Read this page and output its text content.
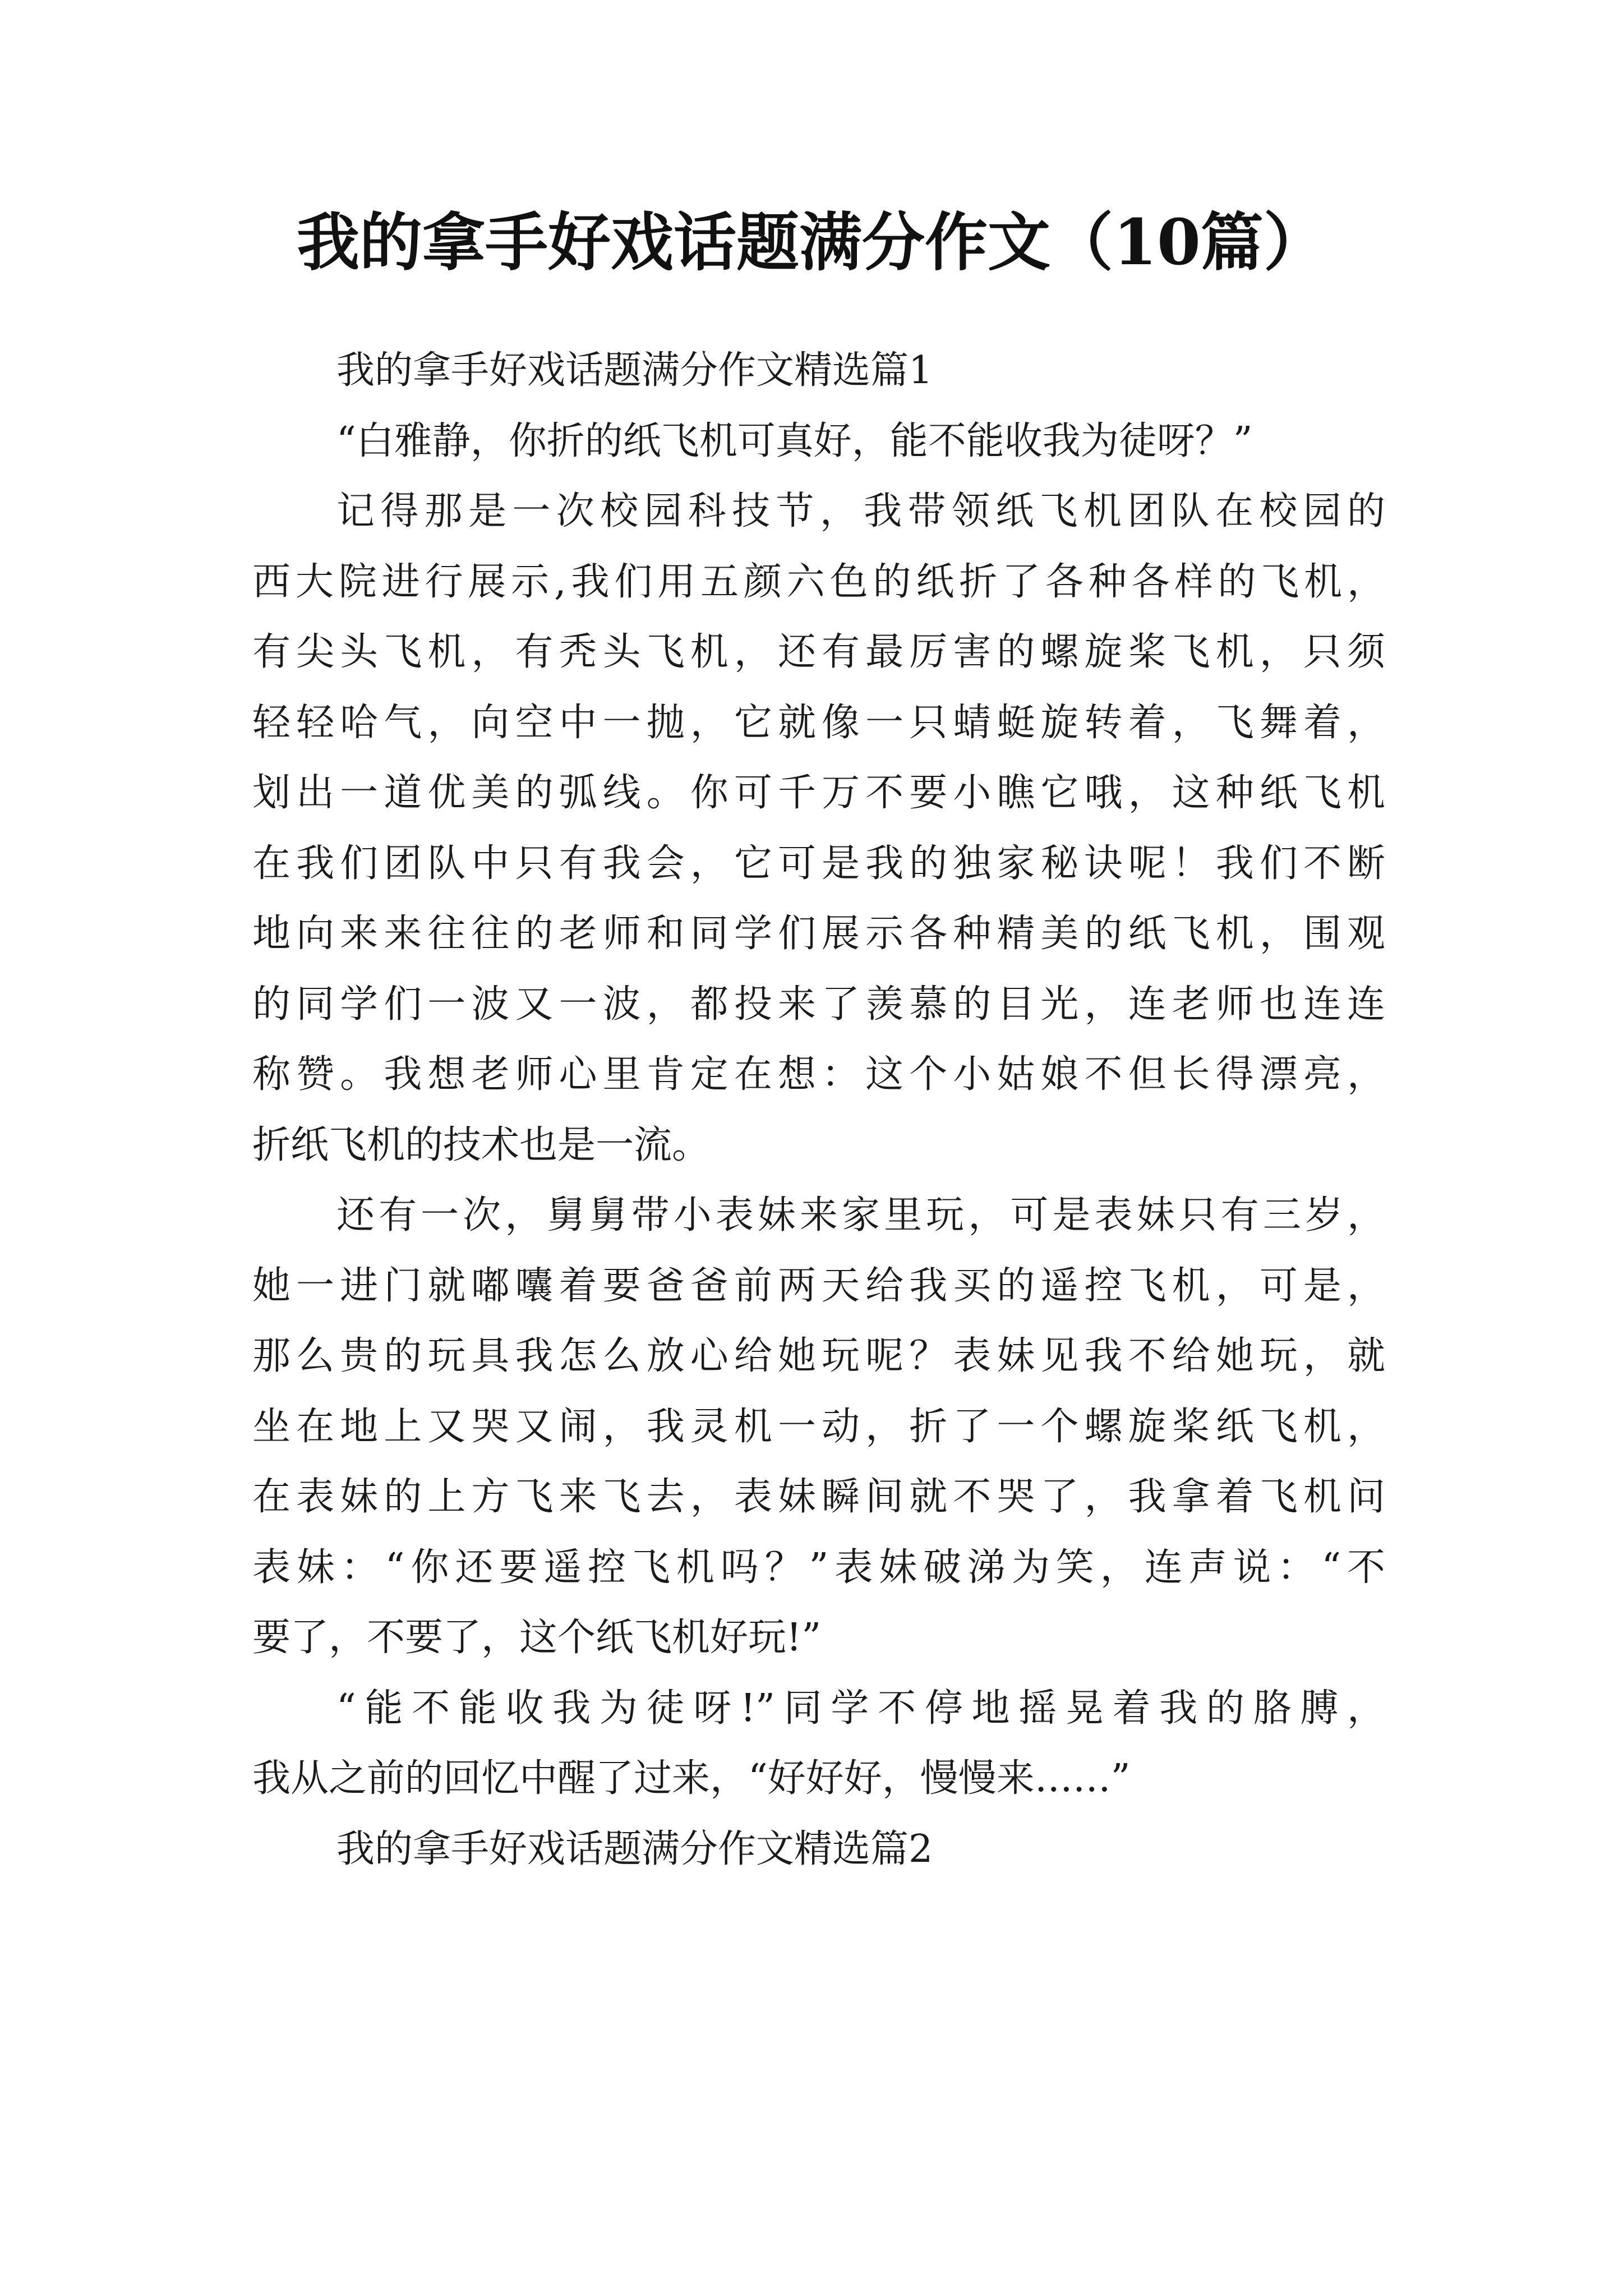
我的拿手好戏话题满分作文（10篇）
我的拿手好戏话题满分作文精选篇1
“白雅静，你折的纸飞机可真好，能不能收我为徒呀？”
记得那是一次校园科技节，我带领纸飞机团队在校园的
西大院进行展示,我们用五颜六色的纸折了各种各样的飞机，
有尖头飞机，有秃头飞机，还有最厉害的螺旋桨飞机，只须
轻轻哈气，向空中一抛，它就像一只蜻蜓旋转着，飞舞着，
划出一道优美的弧线。你可千万不要小瞧它哦，这种纸飞机
在我们团队中只有我会，它可是我的独家秘诀呢！我们不断
地向来来往往的老师和同学们展示各种精美的纸飞机，围观
的同学们一波又一波，都投来了羡慕的目光，连老师也连连
称赞。我想老师心里肯定在想：这个小姑娘不但长得漂亮，
折纸飞机的技术也是一流。
还有一次，舅舅带小表妹来家里玩，可是表妹只有三岁，
她一进门就嘟囔着要爸爸前两天给我买的遥控飞机，可是，
那么贵的玩具我怎么放心给她玩呢？表妹见我不给她玩，就
坐在地上又哭又闹，我灵机一动，折了一个螺旋桨纸飞机，
在表妹的上方飞来飞去，表妹瞬间就不哭了，我拿着飞机问
表妹：“你还要遥控飞机吗？”表妹破涕为笑，连声说：“不
要了，不要了，这个纸飞机好玩!”
“能不能收我为徒呀!”同学不停地摇晃着我的胳膊，
我从之前的回忆中醒了过来，“好好好，慢慢来……”
我的拿手好戏话题满分作文精选篇2
